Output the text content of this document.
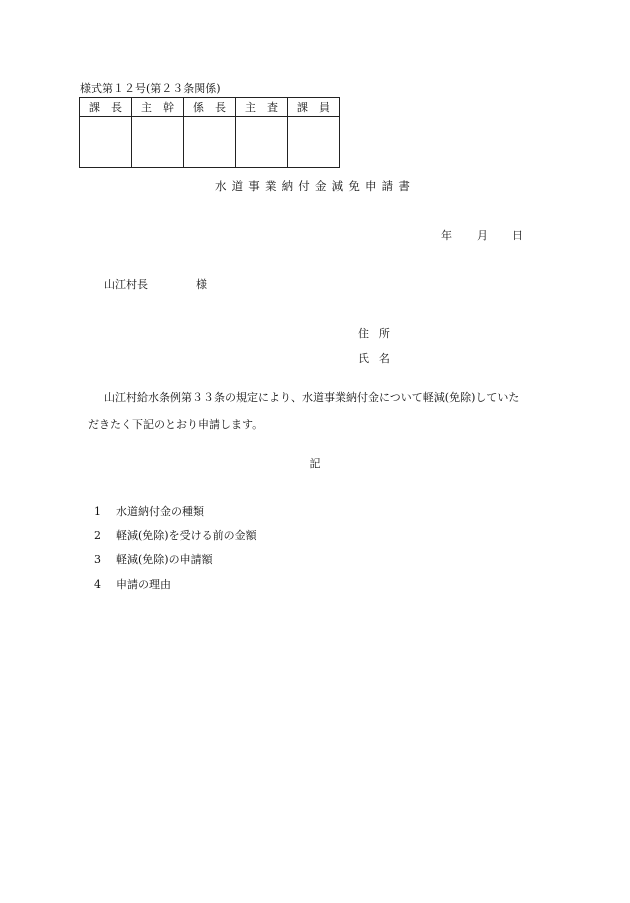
様式第１２号(第２３条関係)
課　長	主　幹	係　長	主　査	課　員

水道事業納付金減免申請書
年 月 日
山江村長	様
住所
氏名
山江村給水条例第３３条の規定により、水道事業納付金について軽減(免除)していた
だきたく下記のとおり申請します。
記
1 水道納付金の種類
2 軽減(免除)を受ける前の金額
3 軽減(免除)の申請額
4 申請の理由
